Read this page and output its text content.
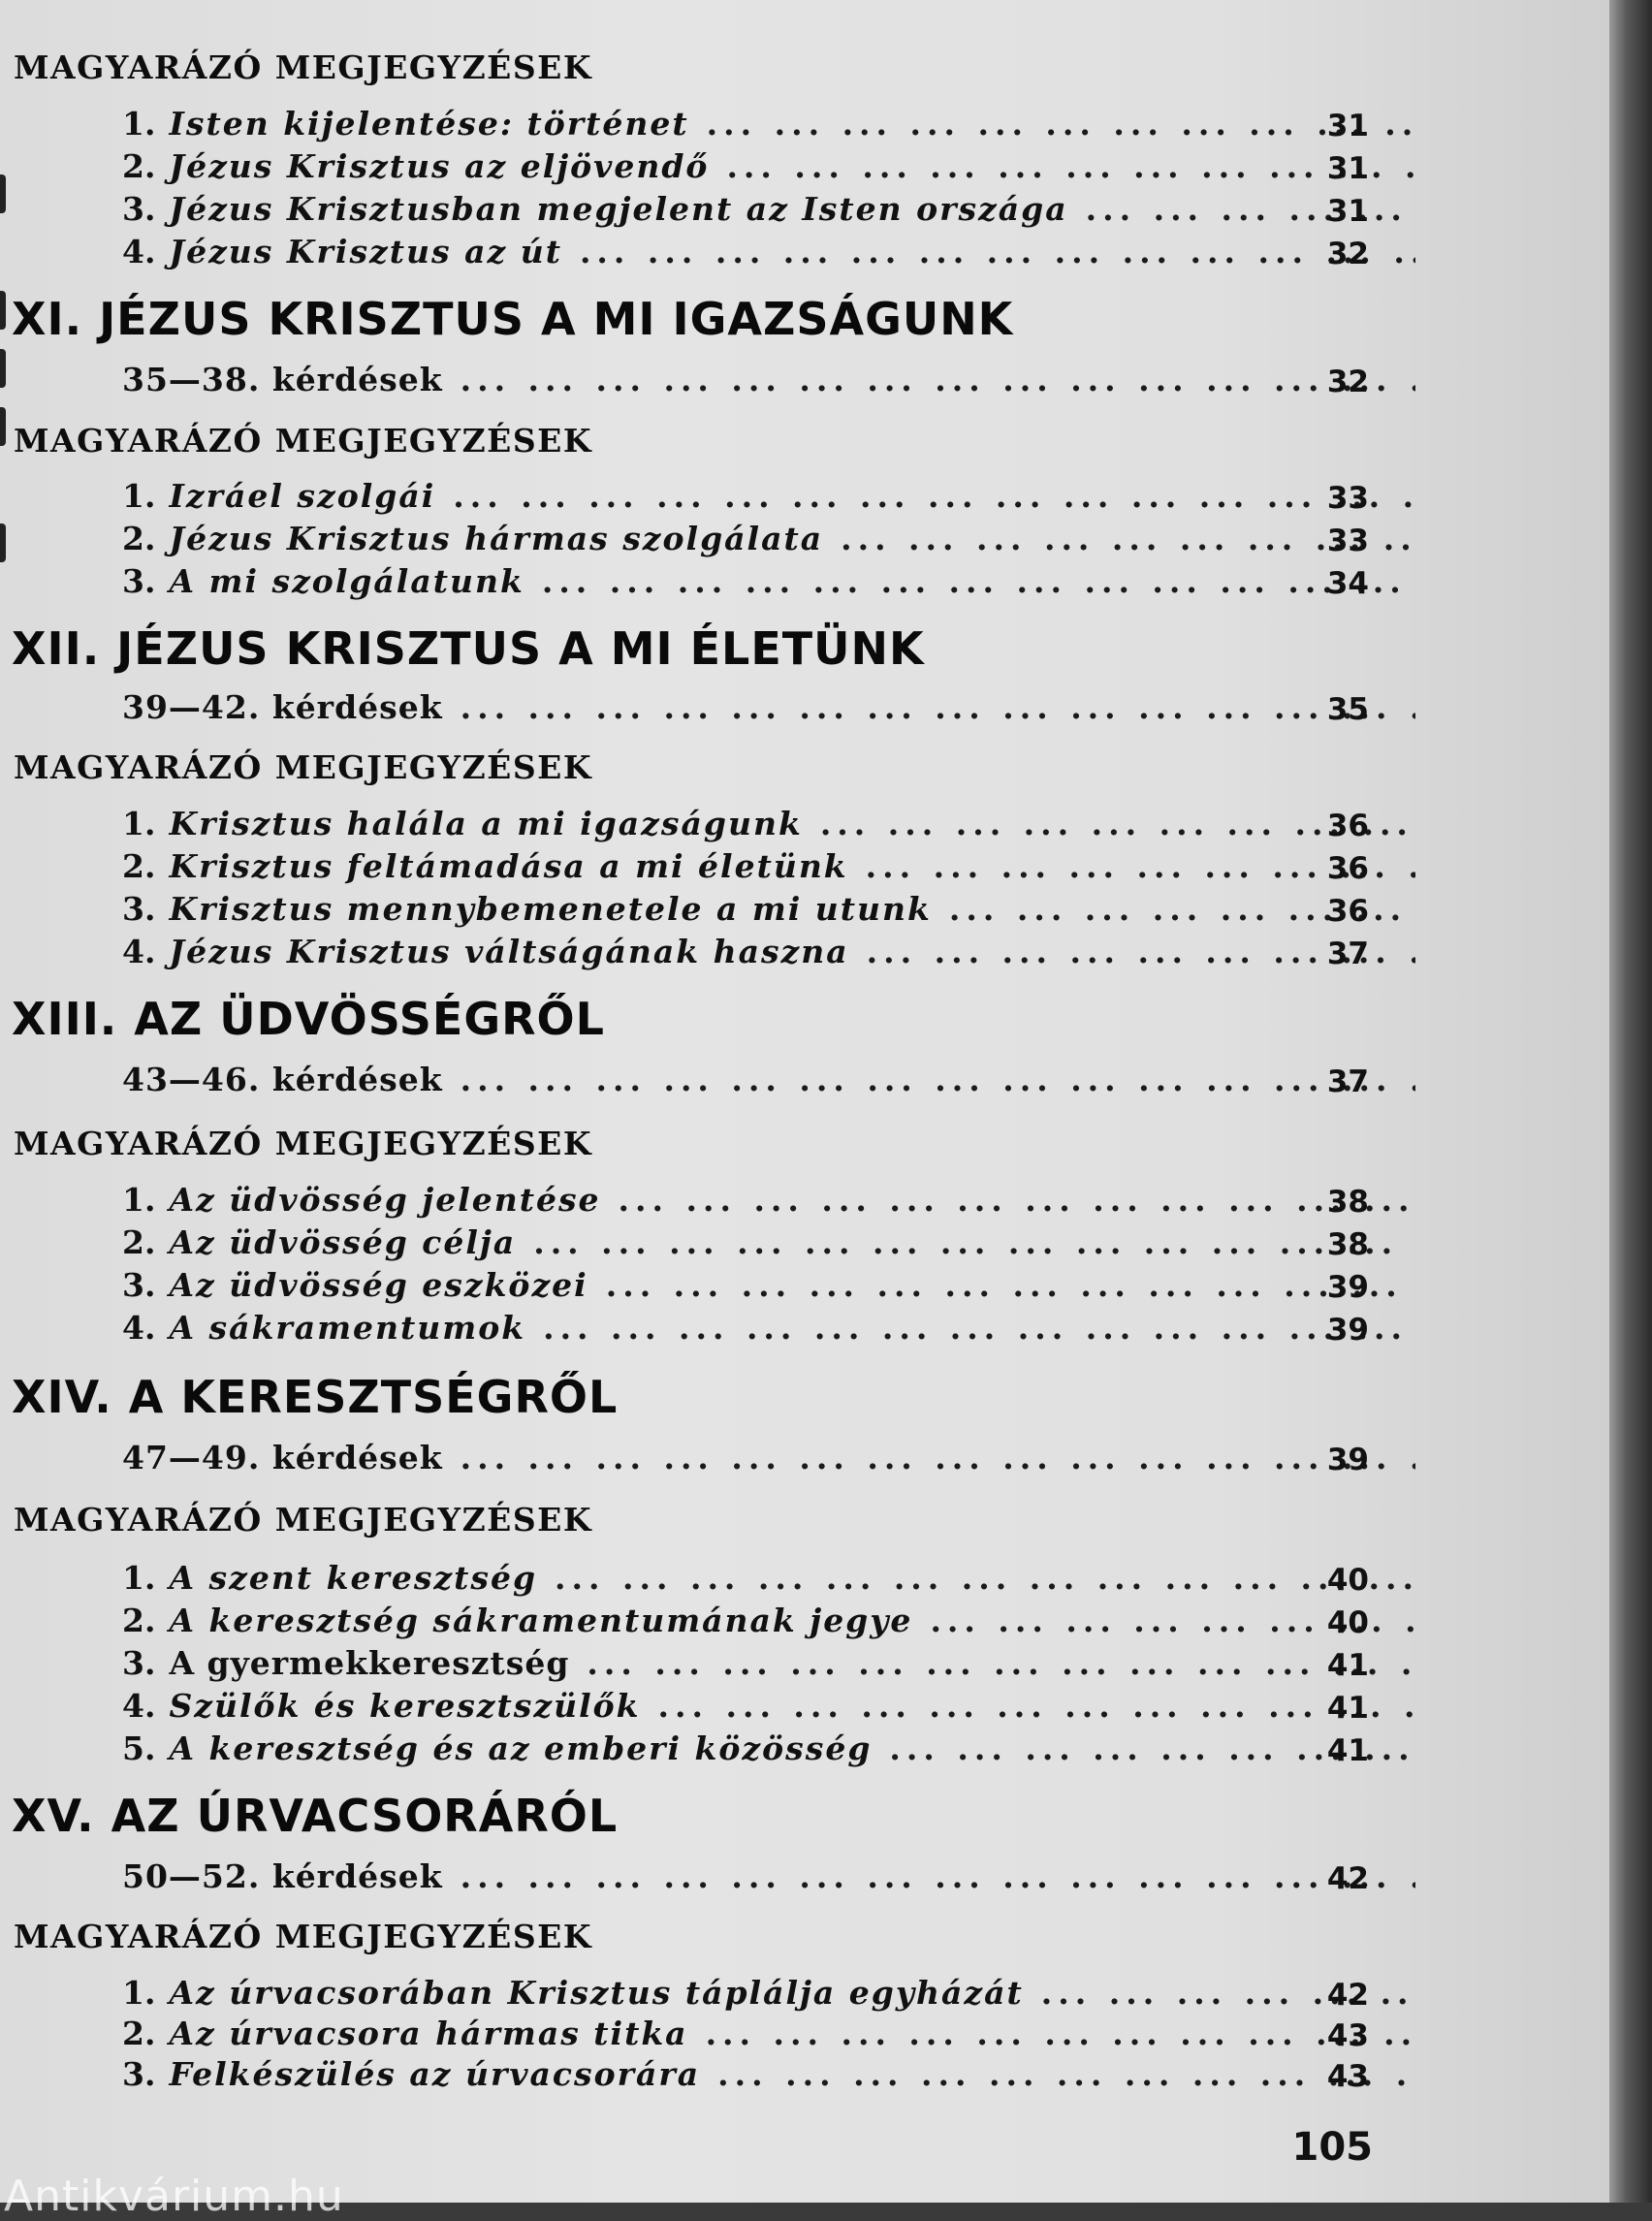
MAGYARÁZÓ MEGJEGYZÉSEK
1. Isten kijelentése: történet ... .	31
2. Jézus Krisztus az eljövendő ... .	31
3. Jézus Krisztusban megjelent az Isten országa ... .	31
4. Jézus Krisztus az út ... .	32
XI. JÉZUS KRISZTUS A MI IGAZSÁGUNK
35—38. kérdések ... .	32
MAGYARÁZÓ MEGJEGYZÉSEK
1. Izráel szolgái ... .	33
2. Jézus Krisztus hármas szolgálata ... .	33
3. A mi szolgálatunk ... .	34
XII. JÉZUS KRISZTUS A MI ÉLETÜNK
39—42. kérdések ... .	35
MAGYARÁZÓ MEGJEGYZÉSEK
1. Krisztus halála a mi igazságunk ... .	36
2. Krisztus feltámadása a mi életünk ... .	36
3. Krisztus mennybemenetele a mi utunk ... .	36
4. Jézus Krisztus váltságának haszna ... .	37
XIII. AZ ÜDVÖSSÉGRŐL
43—46. kérdések ... .	37
MAGYARÁZÓ MEGJEGYZÉSEK
1. Az üdvösség jelentése ... .	38
2. Az üdvösség célja ... .	38
3. Az üdvösség eszközei ... .	39
4. A sákramentumok ... .	39
XIV. A KERESZTSÉGRŐL
47—49. kérdések ... .	39
MAGYARÁZÓ MEGJEGYZÉSEK
1. A szent keresztség ... .	40
2. A keresztség sákramentumának jegye ... .	40
3. A gyermekkeresztség ... .	41
4. Szülők és keresztszülők ... .	41
5. A keresztség és az emberi közösség ... .	41
XV. AZ ÚRVACSORÁRÓL
50—52. kérdések ... .	42
MAGYARÁZÓ MEGJEGYZÉSEK
1. Az úrvacsorában Krisztus táplálja egyházát ... .	42
2. Az úrvacsora hármas titka ... .	43
3. Felkészülés az úrvacsorára ... .	43
105
Antikvárium.hu
